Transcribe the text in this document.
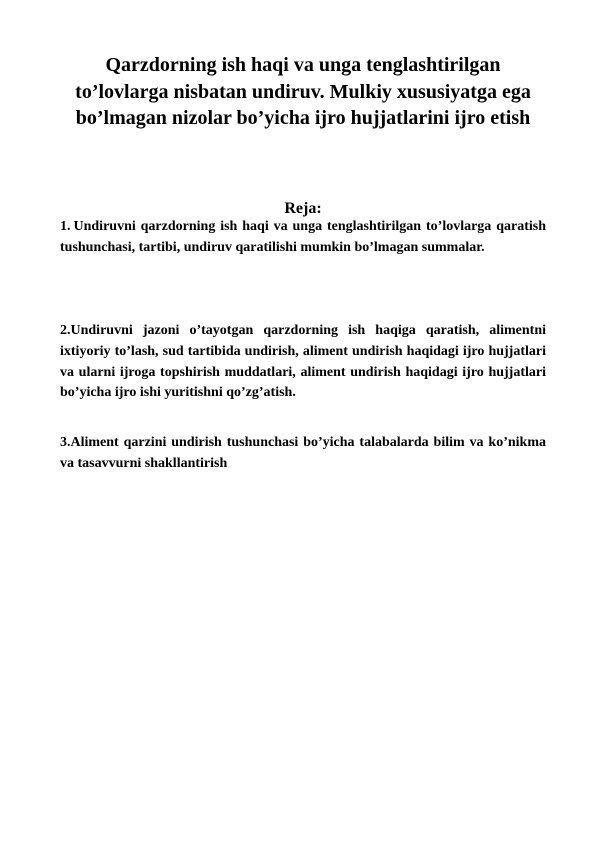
Qarzdorning ish haqi va unga tenglashtirilgan to’lovlarga nisbatan undiruv. Mulkiy xususiyatga ega bo’lmagan nizolar bo’yicha ijro hujjatlarini ijro etish

Reja:

1. Undiruvni qarzdorning ish haqi va unga tenglashtirilgan to’lovlarga qaratish tushunchasi, tartibi, undiruv qaratilishi mumkin bo’lmagan summalar.

2.Undiruvni jazoni o’tayotgan qarzdorning ish haqiga qaratish, alimentni ixtiyoriy to’lash, sud tartibida undirish, aliment undirish haqidagi ijro hujjatlari va ularni ijroga topshirish muddatlari, aliment undirish haqidagi ijro hujjatlari bo’yicha ijro ishi yuritishni qo’zg’atish.

3.Aliment qarzini undirish tushunchasi bo’yicha talabalarda bilim va ko’nikma va tasavvurni shakllantirish
